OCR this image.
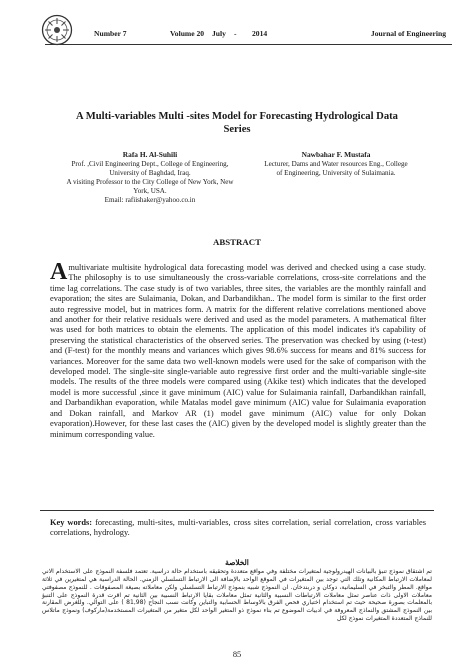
Number 7	Volume 20 July - 2014	Journal of Engineering
A Multi-variables Multi -sites Model for Forecasting Hydrological Data Series
Rafa H. Al-Suhili
Prof. ,Civil Engineering Dept., College of Engineering,
University of Baghdad, Iraq.
A visiting Professor to the City College of New York, New
York, USA.
Email: rafiishaker@yahoo.co.in
Nawbahar F. Mustafa
Lecturer, Dams and Water resources Eng., College
of Engineering, University of Sulaimania.
ABSTRACT

A multivariate multisite hydrological data forecasting model was derived and checked using a case study. The philosophy is to use simultaneously the cross-variable correlations, cross-site correlations and the time lag correlations. The case study is of two variables, three sites, the variables are the monthly rainfall and evaporation; the sites are Sulaimania, Dokan, and Darbandikhan.. The model form is similar to the first order auto regressive model, but in matrices form. A matrix for the different relative correlations mentioned above and another for their relative residuals were derived and used as the model parameters. A mathematical filter was used for both matrices to obtain the elements. The application of this model indicates it's capability of preserving the statistical characteristics of the observed series. The preservation was checked by using (t-test) and (F-test) for the monthly means and variances which gives 98.6% success for means and 81% success for variances. Moreover for the same data two well-known models were used for the sake of comparison with the developed model. The single-site single-variable auto regressive first order and the multi-variable single-site models. The results of the three models were compared using (Akike test) which indicates that the developed model is more successful ,since it gave minimum (AIC) value for Sulaimania rainfall, Darbandikhan rainfall, and Darbandikhan evaporation, while Matalas model gave minimum (AIC) value for Sulaimania evaporation and Dokan rainfall, and Markov AR (1) model gave minimum (AIC) value for only Dokan evaporation).However, for these last cases the (AIC) given by the developed model is slightly greater than the minimum corresponding value.

Key words: forecasting, multi-sites, multi-variables, cross sites correlation, serial correlation, cross variables correlations, hydrology.

الخلاصة

تم اشتقاق نموذج تنبؤ بالبيانات الهيدرولوجية لمتغيرات مختلفة وفي مواقع متعددة وتحقيقه باستخدام حالة دراسية. تعتمد فلسفة النموذج على الاستخدام الاني لمعاملات الارتباط المكانية وتلك التي توجد بين المتغيرات في الموقع الواحد بالإضافة الى الارتباط التسلسلي الزمني. الحالة الدراسية هي لمتغيرين في ثلاثة مواقع. المطر والتبخر في السليمانية، دوكان و دربندخان. ان النموذج شبيه بنموذج الارتباط التسلسلي ولكن معاملاته بصيغة المصفوفات . للنموذج مصفوفتي معاملات الاولى ذات عناصر تمثل معاملات الارتباطات النسبية والثانية تمثل معاملات بقايا الارتباط النسبية بين الثانية تم اقرت قدرة النموذج على التنبؤ بالمعلمات بصورة صحيحة حيث تم استخدام اختباري فحص الفرق بالاوساط الحسابية والتباين وكانت نسب النجاح (81,98 ) على التوالي. وللغرض المقارنة بين النموذج المشتق والنماذج المعروفة في ادبيات الموضوع تم بناء نموذج ذو المتغير الواحد لكل متغير من المتغيرات المستخدمة(ماركوف) ونموذج ماتلاس للنماذج المتعددة المتغيرات نموذج لكل

85
